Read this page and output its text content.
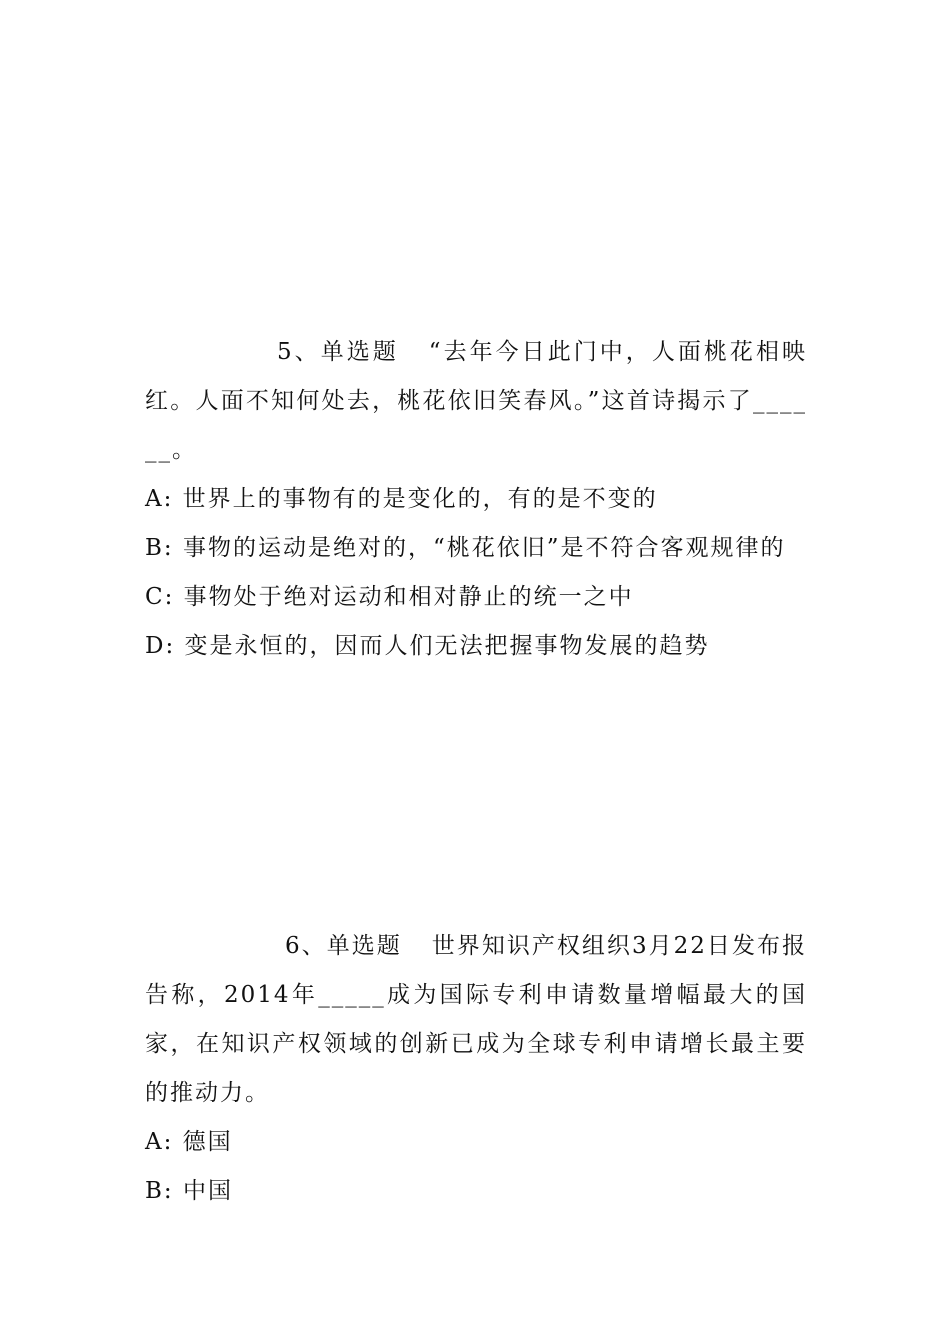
5、单选题 “去年今日此门中，人面桃花相映红。人面不知何处去，桃花依旧笑春风。”这首诗揭示了______。

A: 世界上的事物有的是变化的，有的是不变的

B: 事物的运动是绝对的，“桃花依旧”是不符合客观规律的

C: 事物处于绝对运动和相对静止的统一之中

D: 变是永恒的，因而人们无法把握事物发展的趋势

6、单选题 世界知识产权组织3月22日发布报告称，2014年_____成为国际专利申请数量增幅最大的国家，在知识产权领域的创新已成为全球专利申请增长最主要的推动力。

A: 德国

B: 中国
